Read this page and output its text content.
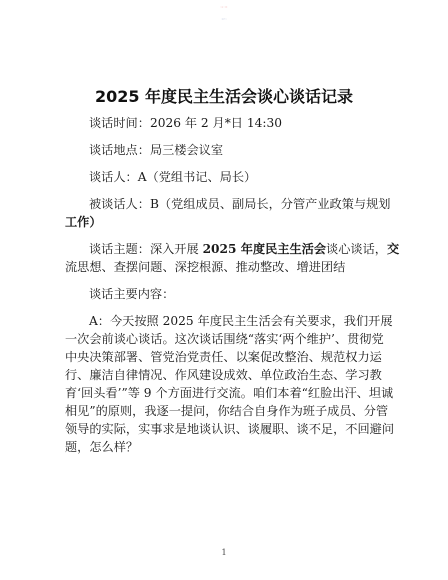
2025 年度民主生活会谈心谈话记录
谈话时间：2026 年 2 月*日 14:30
谈话地点：局三楼会议室
谈话人：A（党组书记、局长）
被谈话人：B（党组成员、副局长，分管产业政策与规划
工作）
谈话主题：深入开展 2025 年度民主生活会谈心谈话，交
流思想、查摆问题、深挖根源、推动整改、增进团结
谈话主要内容：
A：今天按照 2025 年度民主生活会有关要求，我们开展
一次会前谈心谈话。这次谈话围绕“落实‘两个维护’、贯彻党
中央决策部署、管党治党责任、以案促改整治、规范权力运
行、廉洁自律情况、作风建设成效、单位政治生态、学习教
育‘回头看’”等 9 个方面进行交流。咱们本着“红脸出汗、坦诚
相见”的原则，我逐一提问，你结合自身作为班子成员、分管
领导的实际，实事求是地谈认识、谈履职、谈不足，不回避问
题，怎么样？
1
